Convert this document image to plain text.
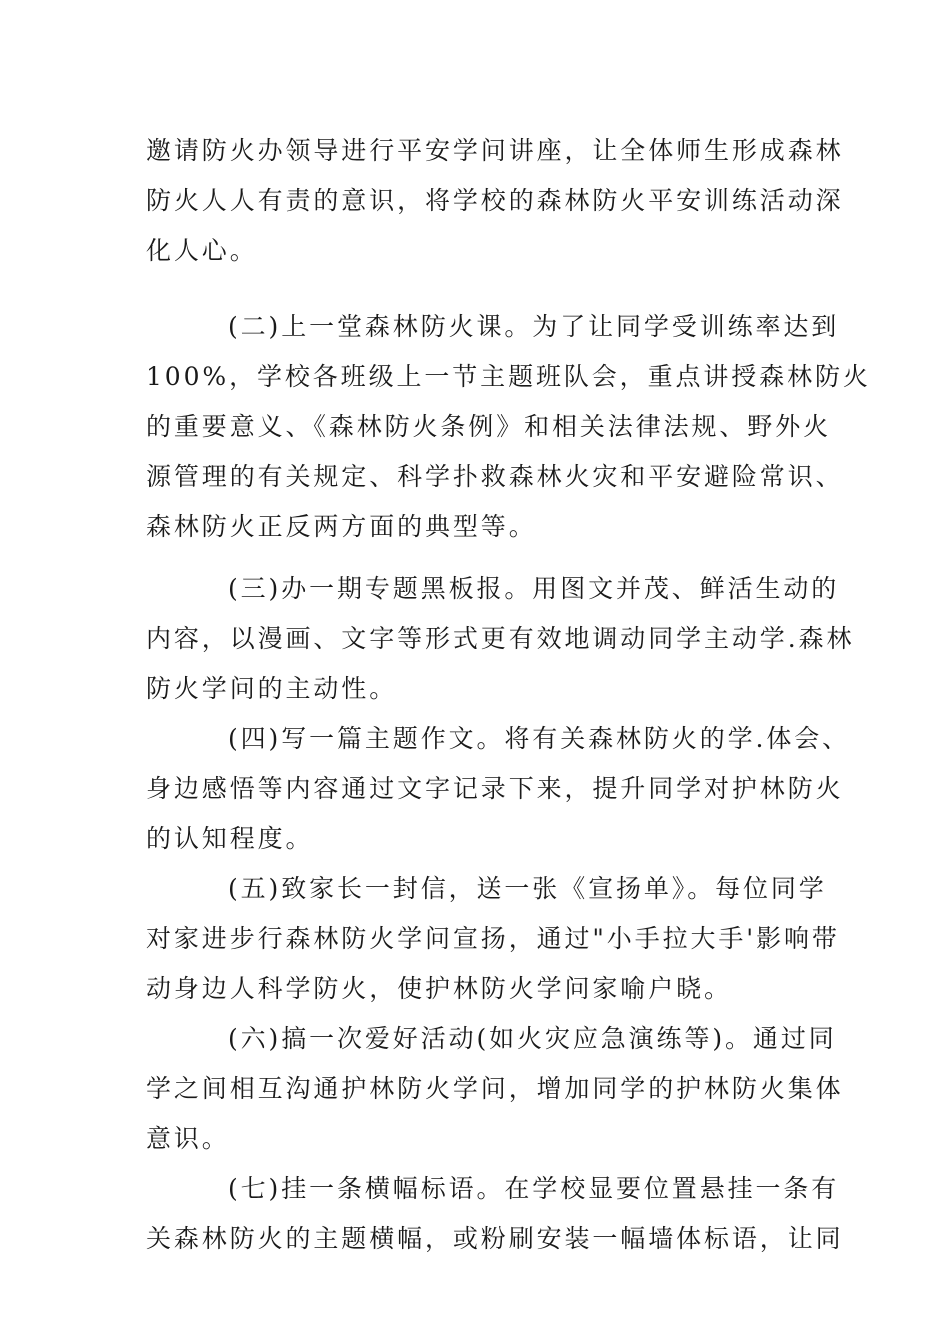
邀请防火办领导进行平安学问讲座，让全体师生形成森林
防火人人有责的意识，将学校的森林防火平安训练活动深
化人心。
(二)上一堂森林防火课。为了让同学受训练率达到
100%，学校各班级上一节主题班队会，重点讲授森林防火
的重要意义、《森林防火条例》和相关法律法规、野外火
源管理的有关规定、科学扑救森林火灾和平安避险常识、
森林防火正反两方面的典型等。
(三)办一期专题黑板报。用图文并茂、鲜活生动的
内容，以漫画、文字等形式更有效地调动同学主动学.森林
防火学问的主动性。
(四)写一篇主题作文。将有关森林防火的学.体会、
身边感悟等内容通过文字记录下来，提升同学对护林防火
的认知程度。
(五)致家长一封信，送一张《宣扬单》。每位同学
对家进步行森林防火学问宣扬，通过"小手拉大手'影响带
动身边人科学防火，使护林防火学问家喻户晓。
(六)搞一次爱好活动(如火灾应急演练等)。通过同
学之间相互沟通护林防火学问，增加同学的护林防火集体
意识。
(七)挂一条横幅标语。在学校显要位置悬挂一条有
关森林防火的主题横幅，或粉刷安装一幅墙体标语，让同
